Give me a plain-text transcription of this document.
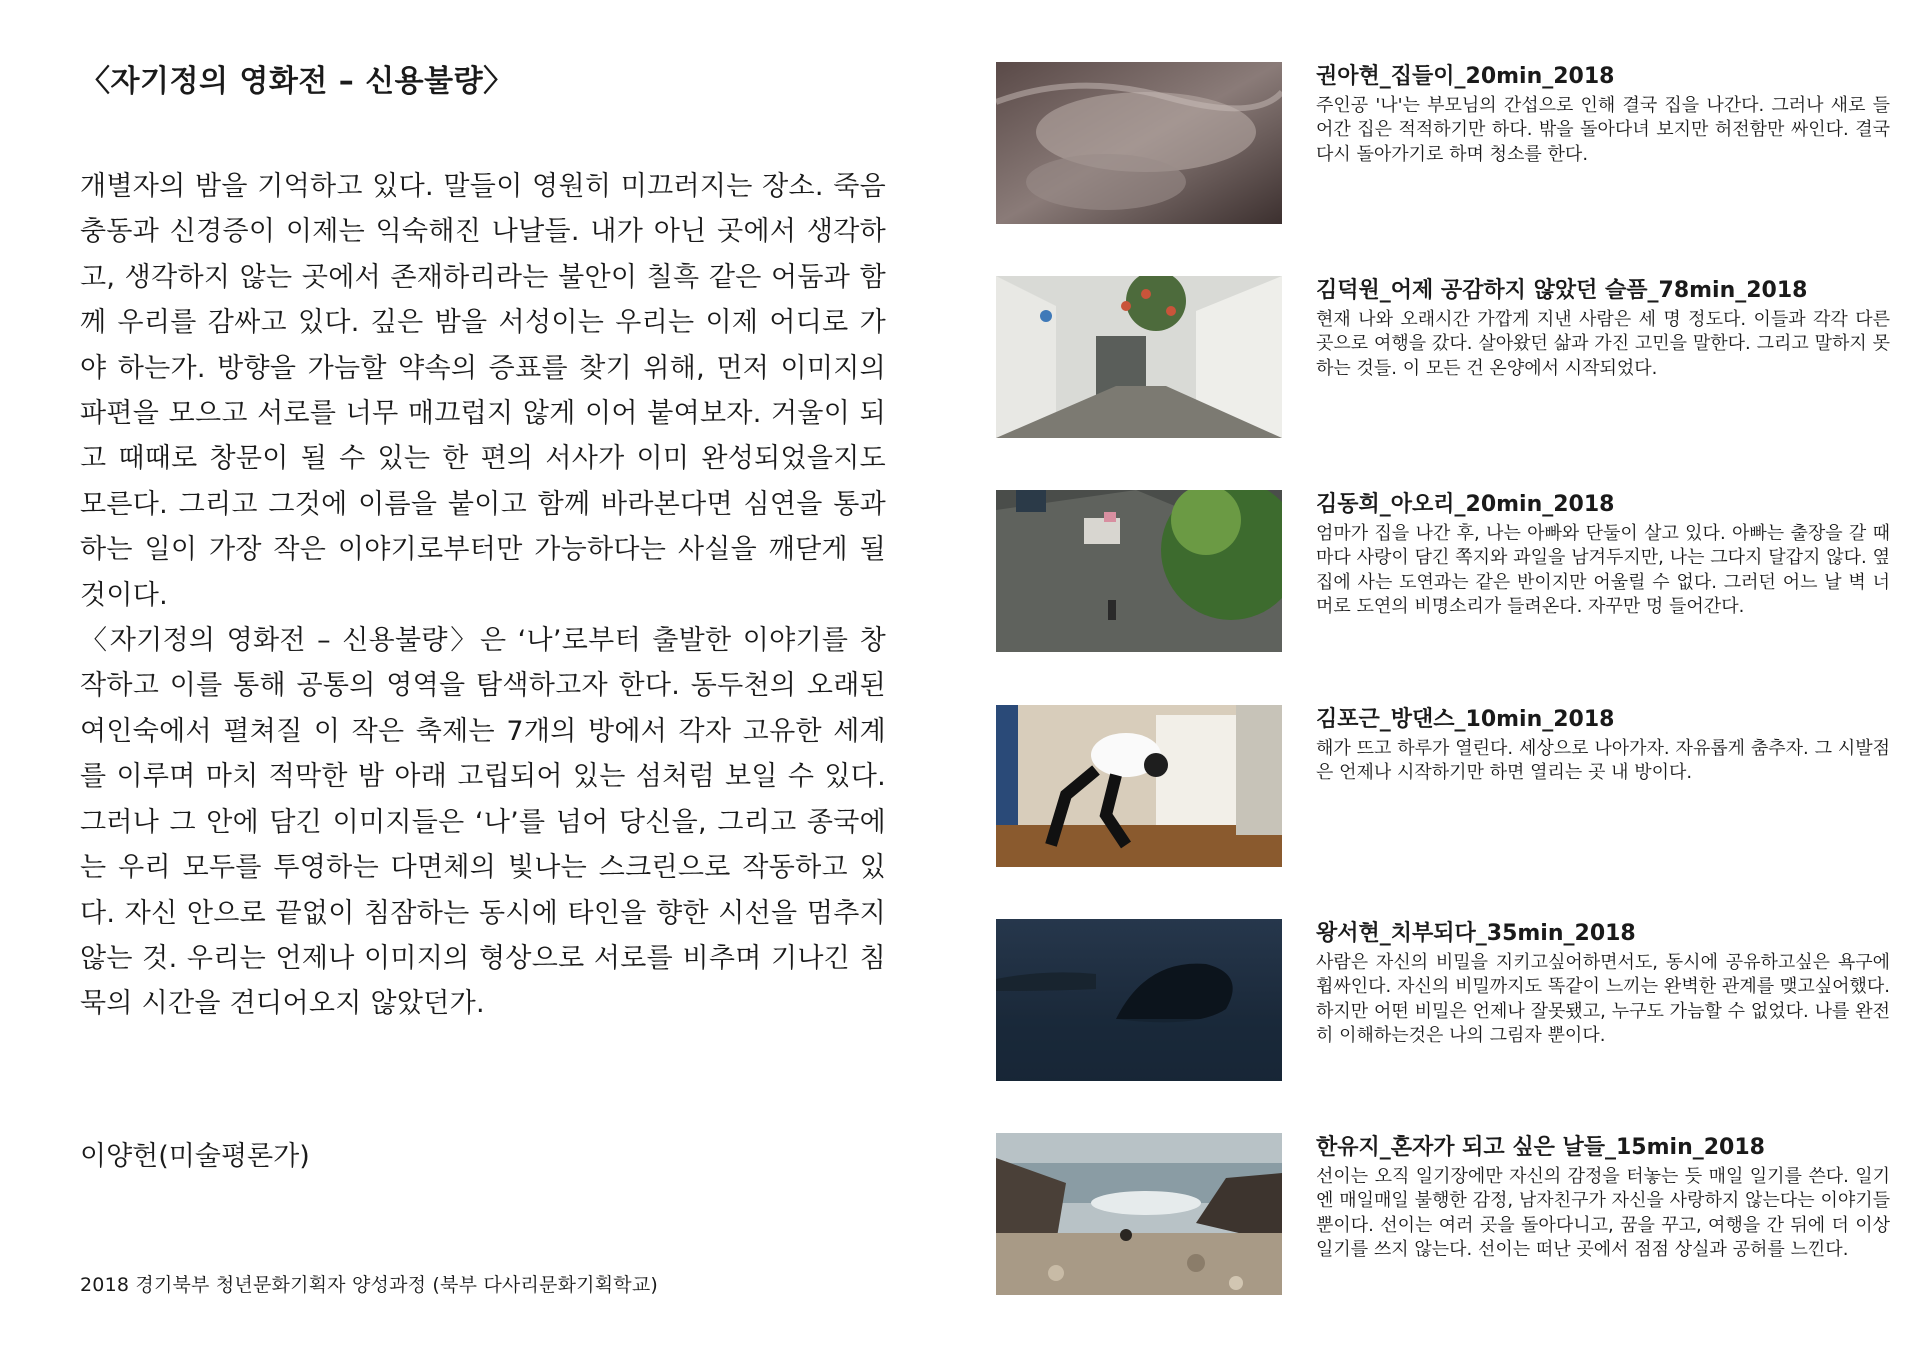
〈자기정의 영화전 – 신용불량〉

개별자의 밤을 기억하고 있다. 말들이 영원히 미끄러지는 장소. 죽음충동과 신경증이 이제는 익숙해진 나날들. 내가 아닌 곳에서 생각하고, 생각하지 않는 곳에서 존재하리라는 불안이 칠흑 같은 어둠과 함께 우리를 감싸고 있다. 깊은 밤을 서성이는 우리는 이제 어디로 가야 하는가. 방향을 가늠할 약속의 증표를 찾기 위해, 먼저 이미지의 파편을 모으고 서로를 너무 매끄럽지 않게 이어 붙여보자. 거울이 되고 때때로 창문이 될 수 있는 한 편의 서사가 이미 완성되었을지도 모른다. 그리고 그것에 이름을 붙이고 함께 바라본다면 심연을 통과하는 일이 가장 작은 이야기로부터만 가능하다는 사실을 깨닫게 될 것이다.

〈자기정의 영화전 – 신용불량〉은 ‘나’로부터 출발한 이야기를 창작하고 이를 통해 공통의 영역을 탐색하고자 한다. 동두천의 오래된 여인숙에서 펼쳐질 이 작은 축제는 7개의 방에서 각자 고유한 세계를 이루며 마치 적막한 밤 아래 고립되어 있는 섬처럼 보일 수 있다. 그러나 그 안에 담긴 이미지들은 ‘나’를 넘어 당신을, 그리고 종국에는 우리 모두를 투영하는 다면체의 빛나는 스크린으로 작동하고 있다. 자신 안으로 끝없이 침잠하는 동시에 타인을 향한 시선을 멈추지 않는 것. 우리는 언제나 이미지의 형상으로 서로를 비추며 기나긴 침묵의 시간을 견디어오지 않았던가.

이양헌(미술평론가)
2018 경기북부 청년문화기획자 양성과정 (북부 다사리문화기획학교)
권아현_집들이_20min_2018

주인공 '나'는 부모님의 간섭으로 인해 결국 집을 나간다. 그러나 새로 들어간 집은 적적하기만 하다. 밖을 돌아다녀 보지만 허전함만 싸인다. 결국 다시 돌아가기로 하며 청소를 한다.

김덕원_어제 공감하지 않았던 슬픔_78min_2018

현재 나와 오래시간 가깝게 지낸 사람은 세 명 정도다. 이들과 각각 다른 곳으로 여행을 갔다. 살아왔던 삶과 가진 고민을 말한다. 그리고 말하지 못하는 것들. 이 모든 건 온양에서 시작되었다.

김동희_아오리_20min_2018

엄마가 집을 나간 후, 나는 아빠와 단둘이 살고 있다. 아빠는 출장을 갈 때마다 사랑이 담긴 쪽지와 과일을 남겨두지만, 나는 그다지 달갑지 않다. 옆집에 사는 도연과는 같은 반이지만 어울릴 수 없다. 그러던 어느 날 벽 너머로 도연의 비명소리가 들려온다. 자꾸만 멍 들어간다.

김포근_방댄스_10min_2018

해가 뜨고 하루가 열린다. 세상으로 나아가자. 자유롭게 춤추자. 그 시발점은 언제나 시작하기만 하면 열리는 곳 내 방이다.

왕서현_치부되다_35min_2018

사람은 자신의 비밀을 지키고싶어하면서도, 동시에 공유하고싶은 욕구에 휩싸인다. 자신의 비밀까지도 똑같이 느끼는 완벽한 관계를 맺고싶어했다. 하지만 어떤 비밀은 언제나 잘못됐고, 누구도 가늠할 수 없었다. 나를 완전히 이해하는것은 나의 그림자 뿐이다.

한유지_혼자가 되고 싶은 날들_15min_2018

선이는 오직 일기장에만 자신의 감정을 터놓는 듯 매일 일기를 쓴다. 일기엔 매일매일 불행한 감정, 남자친구가 자신을 사랑하지 않는다는 이야기들뿐이다. 선이는 여러 곳을 돌아다니고, 꿈을 꾸고, 여행을 간 뒤에 더 이상 일기를 쓰지 않는다. 선이는 떠난 곳에서 점점 상실과 공허를 느낀다.
